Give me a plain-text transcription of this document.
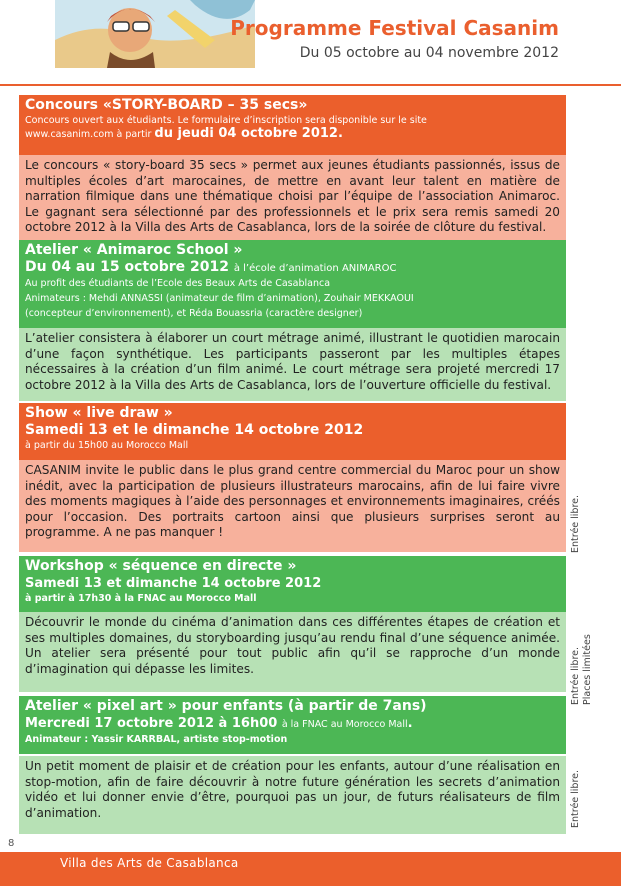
Programme Festival Casanim
Du 05 octobre au 04 novembre 2012
Concours «STORY-BOARD – 35 secs»
Concours ouvert aux étudiants. Le formulaire d’inscription sera disponible sur le site
www.casanim.com à partir du jeudi 04 octobre 2012.
Le concours « story-board 35 secs » permet aux jeunes étudiants passionnés, issus de multiples écoles d’art marocaines, de mettre en avant leur talent en matière de narration filmique dans une thématique choisi par l’équipe de l’association Animaroc. Le gagnant sera sélectionné par des professionnels et le prix sera remis samedi 20 octobre 2012 à la Villa des Arts de Casablanca, lors de la soirée de clôture du festival.
Atelier « Animaroc School »
Du 04 au 15 octobre 2012 à l’école d’animation ANIMAROC
Au profit des étudiants de l’Ecole des Beaux Arts de Casablanca
Animateurs : Mehdi ANNASSI (animateur de film d’animation), Zouhair MEKKAOUI
(concepteur d’environnement), et Réda Bouassria (caractère designer)
L’atelier consistera à élaborer un court métrage animé, illustrant le quotidien marocain d’une façon synthétique. Les participants passeront par les multiples étapes nécessaires à la création d’un film animé. Le court métrage sera projeté mercredi 17 octobre 2012 à la Villa des Arts de Casablanca, lors de l’ouverture officielle du festival.
Show « live draw »
Samedi 13 et le dimanche 14 octobre 2012
à partir du 15h00 au Morocco Mall
CASANIM invite le public dans le plus grand centre commercial du Maroc pour un show inédit, avec la participation de plusieurs illustrateurs marocains, afin de lui faire vivre des moments magiques à l’aide des personnages et environnements imaginaires, créés pour l’occasion. Des portraits cartoon ainsi que plusieurs surprises seront au programme. A ne pas manquer !	Entrée libre.
Workshop « séquence en directe »
Samedi 13 et dimanche 14 octobre 2012
à partir à 17h30 à la FNAC au Morocco Mall
Découvrir le monde du cinéma d’animation dans ces différentes étapes de création et ses multiples domaines, du storyboarding jusqu’au rendu final d’une séquence animée. Un atelier sera présenté pour tout public afin qu’il se rapproche d’un monde d’imagination qui dépasse les limites.	Entrée libre. Places limitées
Atelier « pixel art » pour enfants (à partir de 7ans)
Mercredi 17 octobre 2012 à 16h00 à la FNAC au Morocco Mall.
Animateur : Yassir KARRBAL, artiste stop-motion
Un petit moment de plaisir et de création pour les enfants, autour d’une réalisation en stop-motion, afin de faire découvrir à notre future génération les secrets d’animation vidéo et lui donner envie d’être, pourquoi pas un jour, de futurs réalisateurs de film d’animation.	Entrée libre.
8
Villa des Arts de Casablanca
